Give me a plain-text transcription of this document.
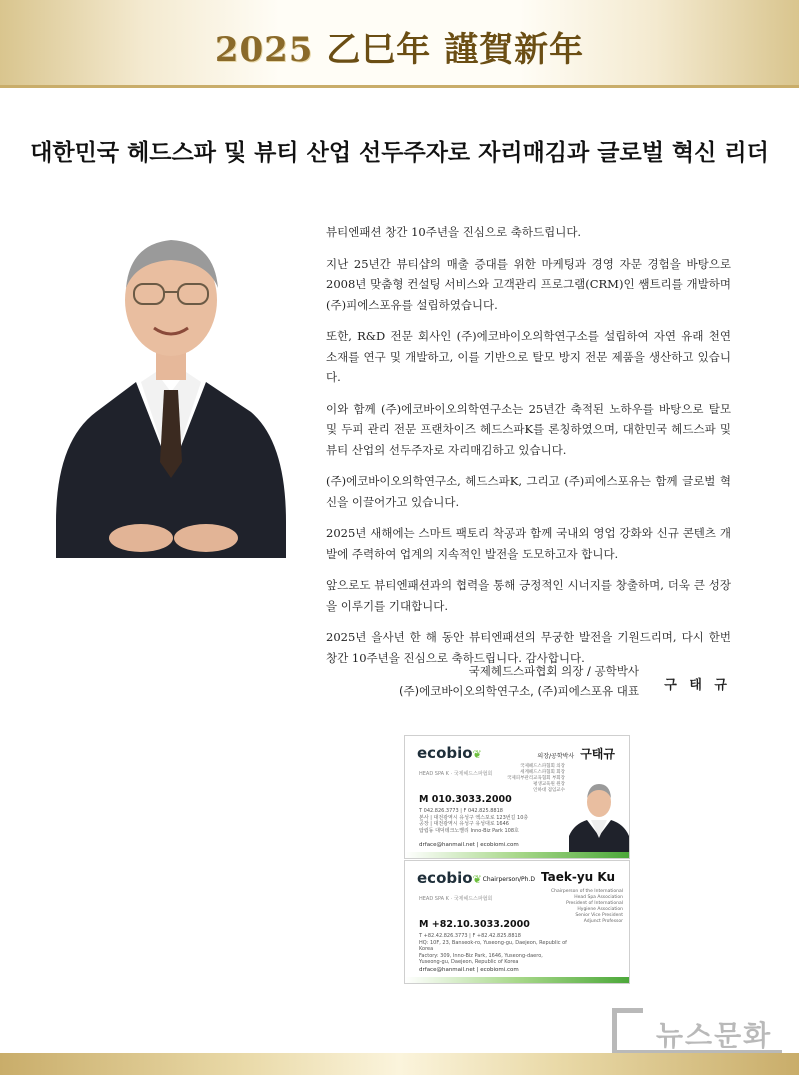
2025 乙巳年 謹賀新年
대한민국 헤드스파 및 뷰티 산업 선두주자로 자리매김과 글로벌 혁신 리더

뷰티엔패션 창간 10주년을 진심으로 축하드립니다.

지난 25년간 뷰티샵의 매출 증대를 위한 마케팅과 경영 자문 경험을 바탕으로 2008년 맞춤형 컨설팅 서비스와 고객관리 프로그램(CRM)인 쌤트리를 개발하며 (주)피에스포유를 설립하였습니다.

또한, R&D 전문 회사인 (주)에코바이오의학연구소를 설립하여 자연 유래 천연 소재를 연구 및 개발하고, 이를 기반으로 탈모 방지 전문 제품을 생산하고 있습니다.

이와 함께 (주)에코바이오의학연구소는 25년간 축적된 노하우를 바탕으로 탈모 및 두피 관리 전문 프랜차이즈 헤드스파K를 론칭하였으며, 대한민국 헤드스파 및 뷰티 산업의 선두주자로 자리매김하고 있습니다.

(주)에코바이오의학연구소, 헤드스파K, 그리고 (주)피에스포유는 함께 글로벌 혁신을 이끌어가고 있습니다.

2025년 새해에는 스마트 팩토리 착공과 함께 국내외 영업 강화와 신규 콘텐츠 개발에 주력하여 업계의 지속적인 발전을 도모하고자 합니다.

앞으로도 뷰티엔패션과의 협력을 통해 긍정적인 시너지를 창출하며, 더욱 큰 성장을 이루기를 기대합니다.

2025년 을사년 한 해 동안 뷰티엔패션의 무궁한 발전을 기원드리며, 다시 한번 창간 10주년을 진심으로 축하드립니다. 감사합니다.

국제헤드스파협회 의장 / 공학박사
(주)에코바이오의학연구소, (주)피에스포유 대표 구 태 규
ecobio❦
HEAD SPA K · 국제헤드스파협회
의장/공학박사 구태규
국제헤드스파협회 의장
세계헤드스파협회 회장
국제피부관리교육협회 부회장
평생교육원 원장
인하대 겸임교수
M 010.3033.2000
T 042.826.3773 | F 042.825.8818
본사 | 대전광역시 유성구 엑스포로 123번길 10층
공장 | 대전광역시 유성구 유성대로 1646
탑립동 대덕테크노밸리 Inno-Biz Park 108호
drface@hanmail.net | ecobiomi.com
ecobio❦
HEAD SPA K · 국제헤드스파협회
Chairperson/Ph.D Taek-yu Ku
Chairperson of the International
Head Spa Association
President of International
Hygiene Association
Senior Vice President
Adjunct Professor
M +82.10.3033.2000
T +82.42.826.3773 | F +82.42.825.8818
HQ: 10F, 23, Banseok-ro, Yuseong-gu, Daejeon, Republic of Korea
Factory: 309, Inno-Biz Park, 1646, Yuseong-daero,
Yuseong-gu, Daejeon, Republic of Korea
drface@hanmail.net | ecobiomi.com
뉴스문화
